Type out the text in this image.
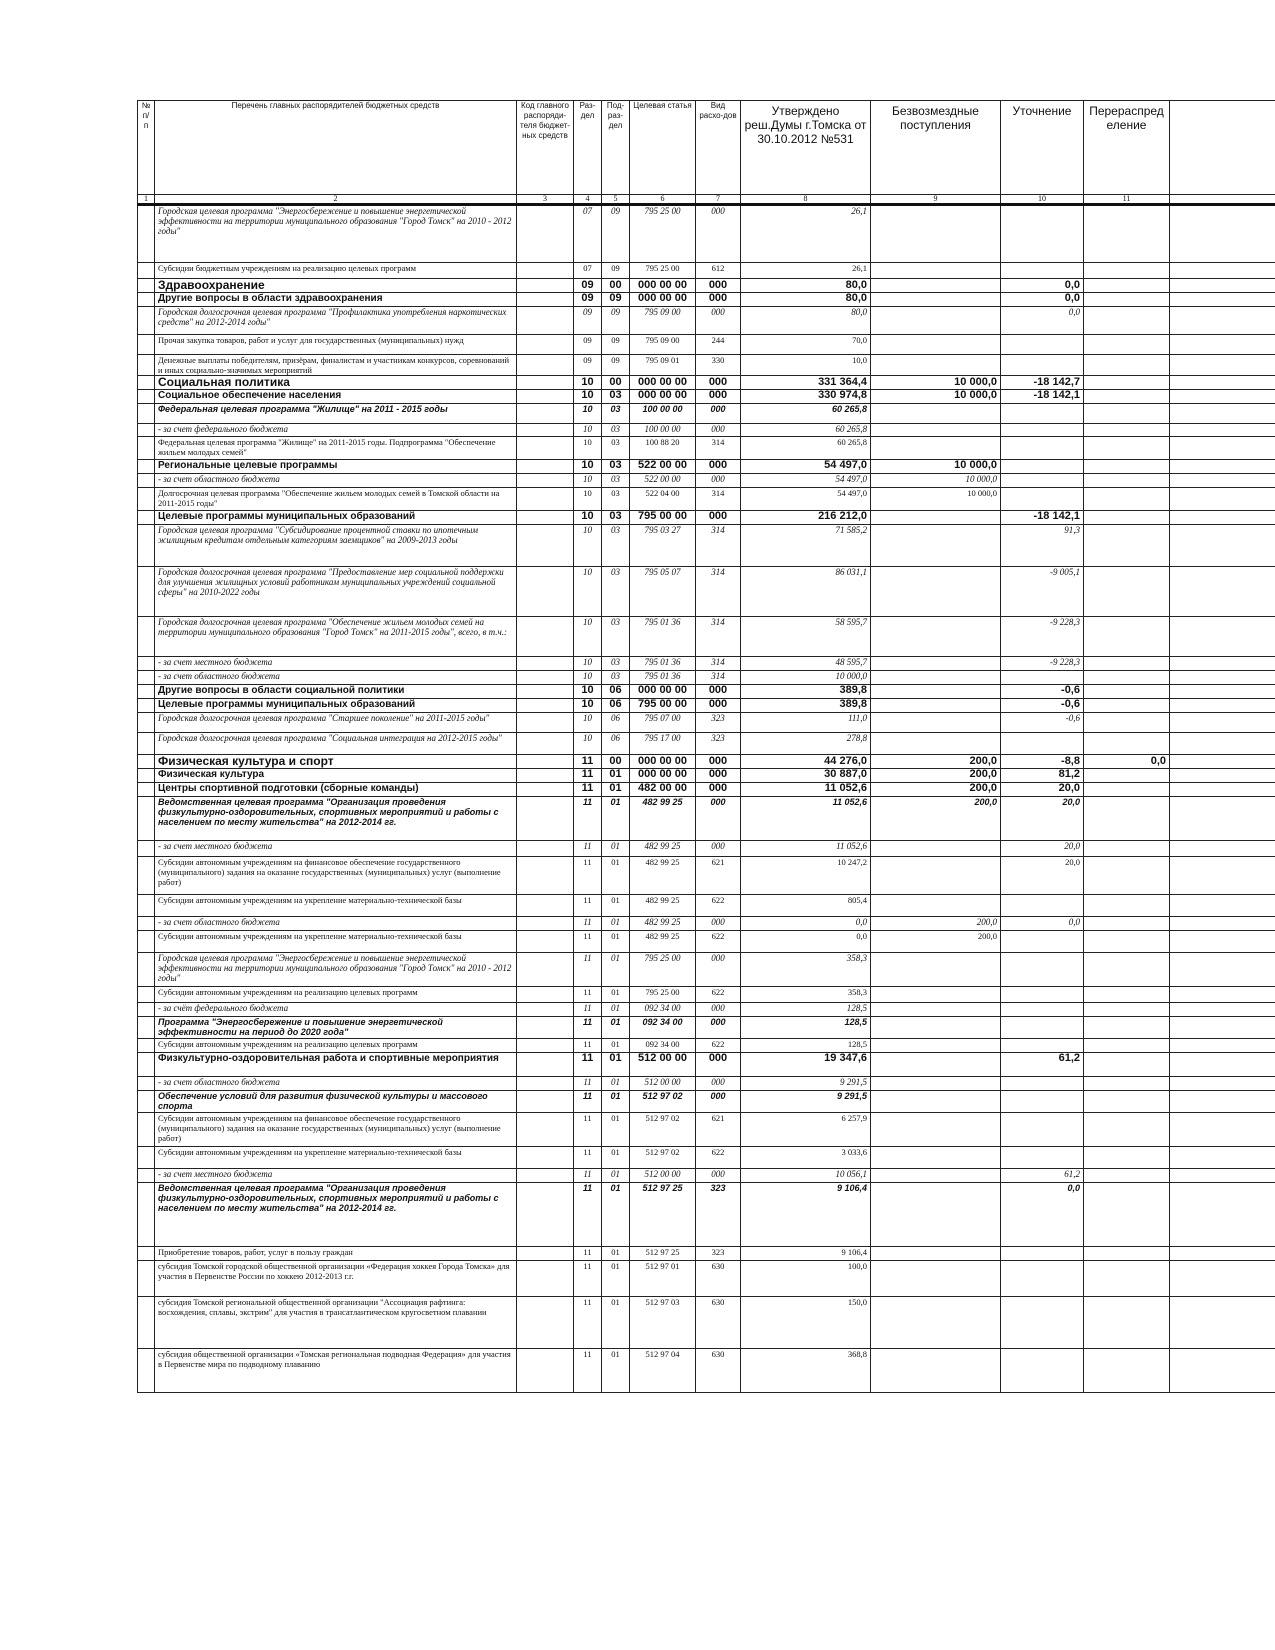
№ п/п	Перечень главных распорядителей бюджетных средств	Код главного распоряди-теля бюджет-ных средств	Раз-дел	Под-раз-дел	Целевая статья	Вид расхо-дов	Утверждено реш.Думы г.Томска от 30.10.2012 №531	Безвозмездные поступления	Уточнение	Перераспред еление	
1	2	3	4	5	6	7	8	9	10	11	
	Городская целевая программа "Энергосбережение и повышение энергетической эффективности на территории муниципального образования "Город Томск" на 2010 - 2012 годы"		07	09	795 25 00	000	26,1				
	Субсидии бюджетным учреждениям на реализацию целевых программ		07	09	795 25 00	612	26,1				
	Здравоохранение		09	00	000 00 00	000	80,0		0,0		
	Другие вопросы в области здравоохранения		09	09	000 00 00	000	80,0		0,0		
	Городская долгосрочная целевая программа "Профилактика употребления наркотических средств" на 2012-2014 годы"		09	09	795 09 00	000	80,0		0,0		
	Прочая закупка товаров, работ и услуг для государственных (муниципальных) нужд		09	09	795 09 00	244	70,0				
	Денежные выплаты победителям, призёрам, финалистам и участникам конкурсов, соревнований и иных социально-значимых мероприятий		09	09	795 09 01	330	10,0				
	Социальная политика		10	00	000 00 00	000	331 364,4	10 000,0	-18 142,7		
	Социальное обеспечение населения		10	03	000 00 00	000	330 974,8	10 000,0	-18 142,1		
	Федеральная целевая программа "Жилище" на 2011 - 2015 годы		10	03	100 00 00	000	60 265,8				
	- за счет федерального бюджета		10	03	100 00 00	000	60 265,8				
	Федеральная целевая программа "Жилище" на 2011-2015 годы. Подпрограмма "Обеспечение жильем молодых семей"		10	03	100 88 20	314	60 265,8				
	Региональные целевые программы		10	03	522 00 00	000	54 497,0	10 000,0			
	- за счет областного бюджета		10	03	522 00 00	000	54 497,0	10 000,0			
	Долгосрочная целевая программа "Обеспечение жильем молодых семей в Томской области на 2011-2015 годы"		10	03	522 04 00	314	54 497,0	10 000,0			
	Целевые программы муниципальных образований		10	03	795 00 00	000	216 212,0		-18 142,1		
	Городская целевая программа "Субсидирование процентной ставки по ипотечным жилищным кредитам отдельным категориям заемщиков" на 2009-2013 годы		10	03	795 03 27	314	71 585,2		91,3		
	Городская долгосрочная целевая программа "Предоставление мер социальной поддержки для улучшения жилищных условий работникам муниципальных учреждений социальной сферы" на 2010-2022 годы		10	03	795 05 07	314	86 031,1		-9 005,1		
	Городская долгосрочная целевая программа "Обеспечение жильем молодых семей на территории муниципального образования "Город Томск" на 2011-2015 годы", всего, в т.ч.:		10	03	795 01 36	314	58 595,7		-9 228,3		
	- за счет местного бюджета		10	03	795 01 36	314	48 595,7		-9 228,3		
	- за счет областного бюджета		10	03	795 01 36	314	10 000,0				
	Другие вопросы в области социальной политики		10	06	000 00 00	000	389,8		-0,6		
	Целевые программы муниципальных образований		10	06	795 00 00	000	389,8		-0,6		
	Городская долгосрочная целевая программа "Старшее поколение" на 2011-2015 годы"		10	06	795 07 00	323	111,0		-0,6		
	Городская долгосрочная целевая программа "Социальная интеграция на 2012-2015 годы"		10	06	795 17 00	323	278,8				
	Физическая культура и спорт		11	00	000 00 00	000	44 276,0	200,0	-8,8	0,0	
	Физическая культура		11	01	000 00 00	000	30 887,0	200,0	81,2		
	Центры спортивной подготовки (сборные команды)		11	01	482 00 00	000	11 052,6	200,0	20,0		
	Ведомственная целевая программа "Организация проведения физкультурно-оздоровительных, спортивных мероприятий и работы с населением по месту жительства" на 2012-2014 гг.		11	01	482 99 25	000	11 052,6	200,0	20,0		
	- за счет местного бюджета		11	01	482 99 25	000	11 052,6		20,0		
	Субсидии автономным учреждениям на финансовое обеспечение государственного (муниципального) задания на оказание государственных (муниципальных) услуг (выполнение работ)		11	01	482 99 25	621	10 247,2		20,0		
	Субсидии автономным учреждениям на укрепление материально-технической базы		11	01	482 99 25	622	805,4				
	- за счет областного бюджета		11	01	482 99 25	000	0,0	200,0	0,0		
	Субсидии автономным учреждениям на укрепление материально-технической базы		11	01	482 99 25	622	0,0	200,0			
	Городская целевая программа "Энергосбережение и повышение энергетической эффективности на территории муниципального образования "Город Томск" на 2010 - 2012 годы"		11	01	795 25 00	000	358,3				
	Субсидии автономным учреждениям на реализацию целевых программ		11	01	795 25 00	622	358,3				
	- за счёт федерального бюджета		11	01	092 34 00	000	128,5				
	Программа "Энергосбережение и повышение энергетической эффективности на период до 2020 года"		11	01	092 34 00	000	128,5				
	Субсидии автономным учреждениям на реализацию целевых программ		11	01	092 34 00	622	128,5				
	Физкультурно-оздоровительная работа и спортивные мероприятия		11	01	512 00 00	000	19 347,6		61,2		
	- за счет областного бюджета		11	01	512 00 00	000	9 291,5				
	Обеспечение условий для развития физической культуры и массового спорта		11	01	512 97 02	000	9 291,5				
	Субсидии автономным учреждениям на финансовое обеспечение государственного (муниципального) задания на оказание государственных (муниципальных) услуг (выполнение работ)		11	01	512 97 02	621	6 257,9				
	Субсидии автономным учреждениям на укрепление материально-технической базы		11	01	512 97 02	622	3 033,6				
	- за счет местного бюджета		11	01	512 00 00	000	10 056,1		61,2		
	Ведомственная целевая программа "Организация проведения физкультурно-оздоровительных, спортивных мероприятий и работы с населением по месту жительства" на 2012-2014 гг.		11	01	512 97 25	323	9 106,4		0,0		
	Приобретение товаров, работ, услуг в пользу граждан		11	01	512 97 25	323	9 106,4				
	субсидия Томской городской общественной организации «Федерация хоккея Города Томска» для участия в Первенстве России по хоккею 2012-2013 г.г.		11	01	512 97 01	630	100,0				
	субсидия Томской региональной общественной организации "Ассоциация рафтинга: восхождения, сплавы, экстрим" для участия в трансатлантическом кругосветном плавании		11	01	512 97 03	630	150,0				
	субсидия общественной организации «Томская региональная подводная Федерация» для участия в Первенстве мира по подводному плаванию		11	01	512 97 04	630	368,8				
